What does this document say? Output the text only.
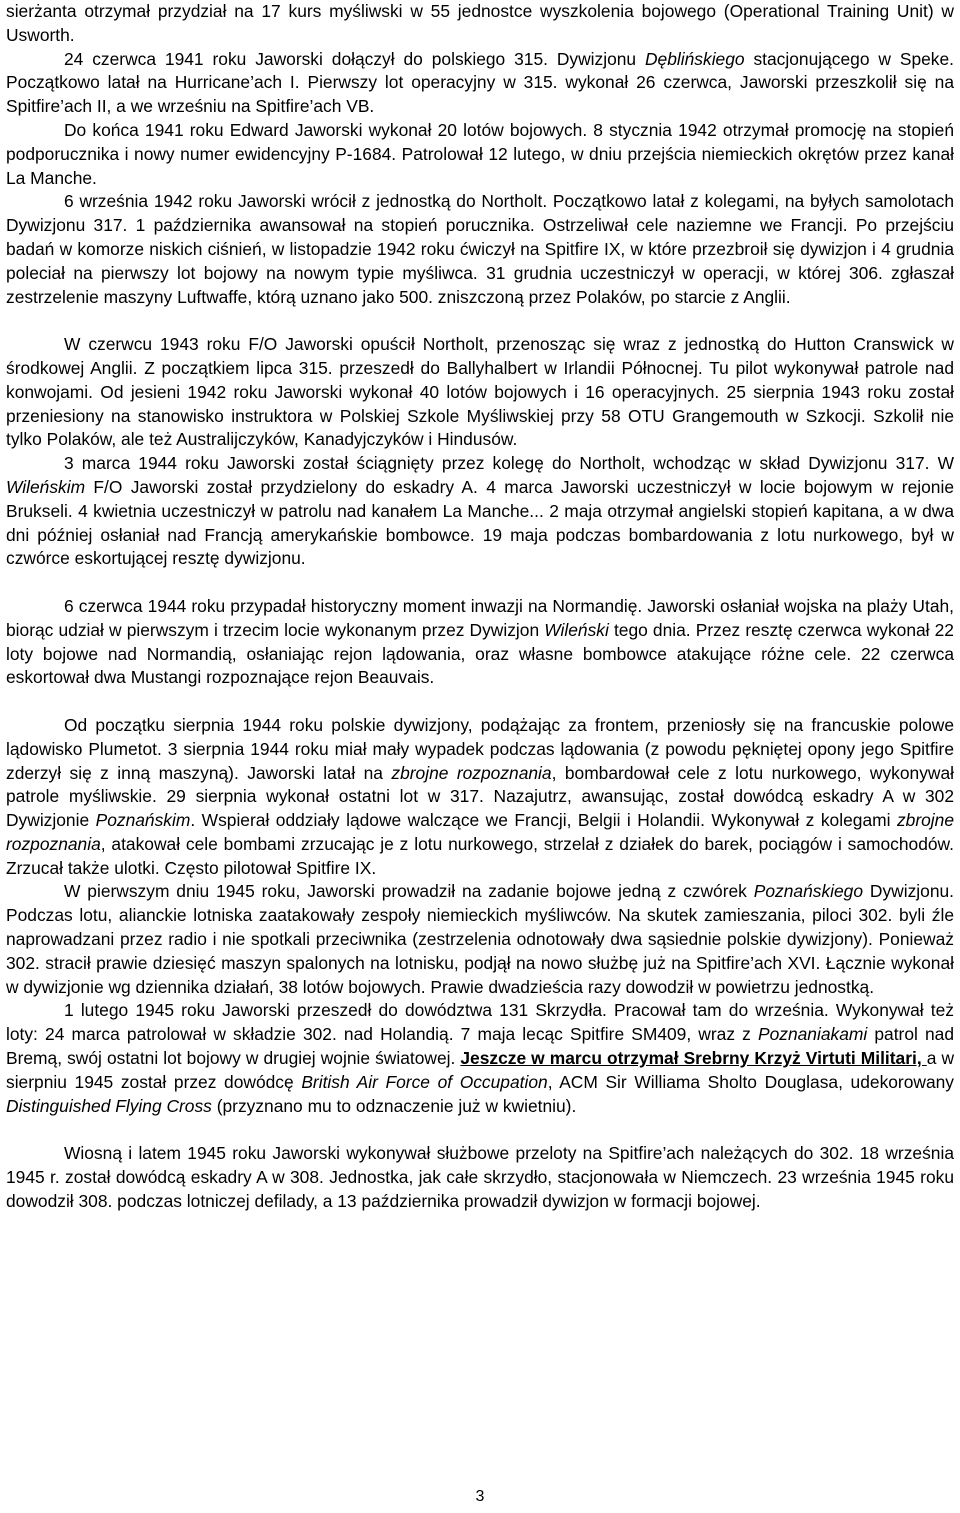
sierżanta otrzymał przydział na 17 kurs myśliwski w 55 jednostce wyszkolenia bojowego (Operational Training Unit) w Usworth.

24 czerwca 1941 roku Jaworski dołączył do polskiego 315. Dywizjonu Dęblińskiego stacjonującego w Speke. Początkowo latał na Hurricane’ach I. Pierwszy lot operacyjny w 315. wykonał 26 czerwca, Jaworski przeszkolił się na Spitfire’ach II, a we wrześniu na Spitfire’ach VB.

Do końca 1941 roku Edward Jaworski wykonał 20 lotów bojowych. 8 stycznia 1942 otrzymał promocję na stopień podporucznika i nowy numer ewidencyjny P-1684. Patrolował 12 lutego, w dniu przejścia niemieckich okrętów przez kanał La Manche.

6 września 1942 roku Jaworski wrócił z jednostką do Northolt. Początkowo latał z kolegami, na byłych samolotach Dywizjonu 317. 1 października awansował na stopień porucznika. Ostrzeliwał cele naziemne we Francji. Po przejściu badań w komorze niskich ciśnień, w listopadzie 1942 roku ćwiczył na Spitfire IX, w które przezbroił się dywizjon i 4 grudnia poleciał na pierwszy lot bojowy na nowym typie myśliwca. 31 grudnia uczestniczył w operacji, w której 306. zgłaszał zestrzelenie maszyny Luftwaffe, którą uznano jako 500. zniszczoną przez Polaków, po starcie z Anglii.

W czerwcu 1943 roku F/O Jaworski opuścił Northolt, przenosząc się wraz z jednostką do Hutton Cranswick w środkowej Anglii. Z początkiem lipca 315. przeszedł do Ballyhalbert w Irlandii Północnej. Tu pilot wykonywał patrole nad konwojami. Od jesieni 1942 roku Jaworski wykonał 40 lotów bojowych i 16 operacyjnych. 25 sierpnia 1943 roku został przeniesiony na stanowisko instruktora w Polskiej Szkole Myśliwskiej przy 58 OTU Grangemouth w Szkocji. Szkolił nie tylko Polaków, ale też Australijczyków, Kanadyjczyków i Hindusów.

3 marca 1944 roku Jaworski został ściągnięty przez kolegę do Northolt, wchodząc w skład Dywizjonu 317. W Wileńskim F/O Jaworski został przydzielony do eskadry A. 4 marca Jaworski uczestniczył w locie bojowym w rejonie Brukseli. 4 kwietnia uczestniczył w patrolu nad kanałem La Manche... 2 maja otrzymał angielski stopień kapitana, a w dwa dni później osłaniał nad Francją amerykańskie bombowce. 19 maja podczas bombardowania z lotu nurkowego, był w czwórce eskortującej resztę dywizjonu.

6 czerwca 1944 roku przypadał historyczny moment inwazji na Normandię. Jaworski osłaniał wojska na plaży Utah, biorąc udział w pierwszym i trzecim locie wykonanym przez Dywizjon Wileński tego dnia. Przez resztę czerwca wykonał 22 loty bojowe nad Normandią, osłaniając rejon lądowania, oraz własne bombowce atakujące różne cele. 22 czerwca eskortował dwa Mustangi rozpoznające rejon Beauvais.

Od początku sierpnia 1944 roku polskie dywizjony, podążając za frontem, przeniosły się na francuskie polowe lądowisko Plumetot. 3 sierpnia 1944 roku miał mały wypadek podczas lądowania (z powodu pękniętej opony jego Spitfire zderzył się z inną maszyną). Jaworski latał na zbrojne rozpoznania, bombardował cele z lotu nurkowego, wykonywał patrole myśliwskie. 29 sierpnia wykonał ostatni lot w 317. Nazajutrz, awansując, został dowódcą eskadry A w 302 Dywizjonie Poznańskim. Wspierał oddziały lądowe walczące we Francji, Belgii i Holandii. Wykonywał z kolegami zbrojne rozpoznania, atakował cele bombami zrzucając je z lotu nurkowego, strzelał z działek do barek, pociągów i samochodów. Zrzucał także ulotki. Często pilotował Spitfire IX.

W pierwszym dniu 1945 roku, Jaworski prowadził na zadanie bojowe jedną z czwórek Poznańskiego Dywizjonu. Podczas lotu, alianckie lotniska zaatakowały zespoły niemieckich myśliwców. Na skutek zamieszania, piloci 302. byli źle naprowadzani przez radio i nie spotkali przeciwnika (zestrzelenia odnotowały dwa sąsiednie polskie dywizjony). Ponieważ 302. stracił prawie dziesięć maszyn spalonych na lotnisku, podjął na nowo służbę już na Spitfire’ach XVI. Łącznie wykonał w dywizjonie wg dziennika działań, 38 lotów bojowych. Prawie dwadzieścia razy dowodził w powietrzu jednostką.

1 lutego 1945 roku Jaworski przeszedł do dowództwa 131 Skrzydła. Pracował tam do września. Wykonywał też loty: 24 marca patrolował w składzie 302. nad Holandią. 7 maja lecąc Spitfire SM409, wraz z Poznaniakami patrol nad Bremą, swój ostatni lot bojowy w drugiej wojnie światowej. Jeszcze w marcu otrzymał Srebrny Krzyż Virtuti Militari, a w sierpniu 1945 został przez dowódcę British Air Force of Occupation, ACM Sir Williama Sholto Douglasa, udekorowany Distinguished Flying Cross (przyznano mu to odznaczenie już w kwietniu).

Wiosną i latem 1945 roku Jaworski wykonywał służbowe przeloty na Spitfire’ach należących do 302. 18 września 1945 r. został dowódcą eskadry A w 308. Jednostka, jak całe skrzydło, stacjonowała w Niemczech. 23 września 1945 roku dowodził 308. podczas lotniczej defilady, a 13 października prowadził dywizjon w formacji bojowej.

3
